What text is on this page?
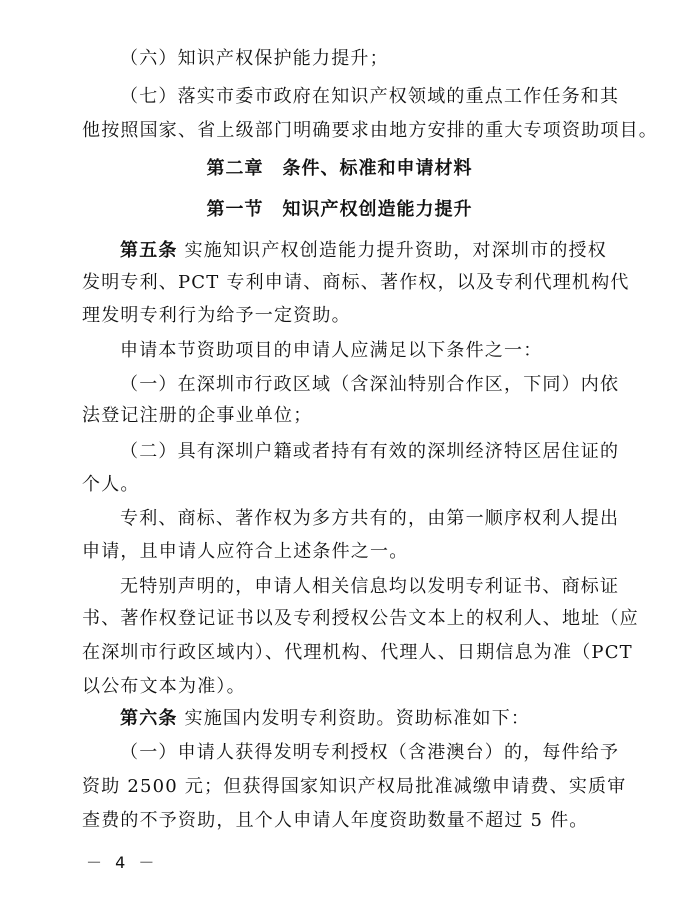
（六）知识产权保护能力提升；
（七）落实市委市政府在知识产权领域的重点工作任务和其
他按照国家、省上级部门明确要求由地方安排的重大专项资助项目。
第二章　条件、标准和申请材料
第一节　知识产权创造能力提升
第五条 实施知识产权创造能力提升资助，对深圳市的授权
发明专利、PCT 专利申请、商标、著作权，以及专利代理机构代
理发明专利行为给予一定资助。
申请本节资助项目的申请人应满足以下条件之一：
（一）在深圳市行政区域（含深汕特别合作区，下同）内依
法登记注册的企事业单位；
（二）具有深圳户籍或者持有有效的深圳经济特区居住证的
个人。
专利、商标、著作权为多方共有的，由第一顺序权利人提出
申请，且申请人应符合上述条件之一。
无特别声明的，申请人相关信息均以发明专利证书、商标证
书、著作权登记证书以及专利授权公告文本上的权利人、地址（应
在深圳市行政区域内）、代理机构、代理人、日期信息为准（PCT
以公布文本为准）。
第六条 实施国内发明专利资助。资助标准如下：
（一）申请人获得发明专利授权（含港澳台）的，每件给予
资助 2500 元；但获得国家知识产权局批准减缴申请费、实质审
查费的不予资助，且个人申请人年度资助数量不超过 5 件。
－ 4 －
